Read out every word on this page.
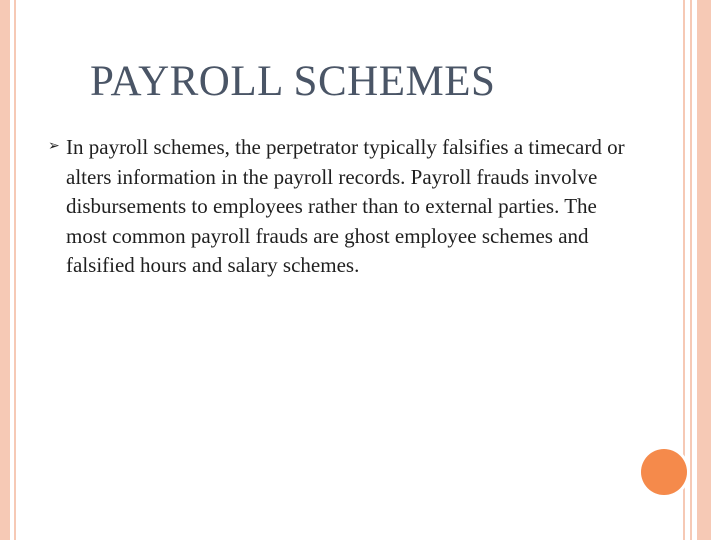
PAYROLL SCHEMES
➢ In payroll schemes, the perpetrator typically falsifies a timecard or alters information in the payroll records. Payroll frauds involve disbursements to employees rather than to external parties. The most common payroll frauds are ghost employee schemes and falsified hours and salary schemes.
